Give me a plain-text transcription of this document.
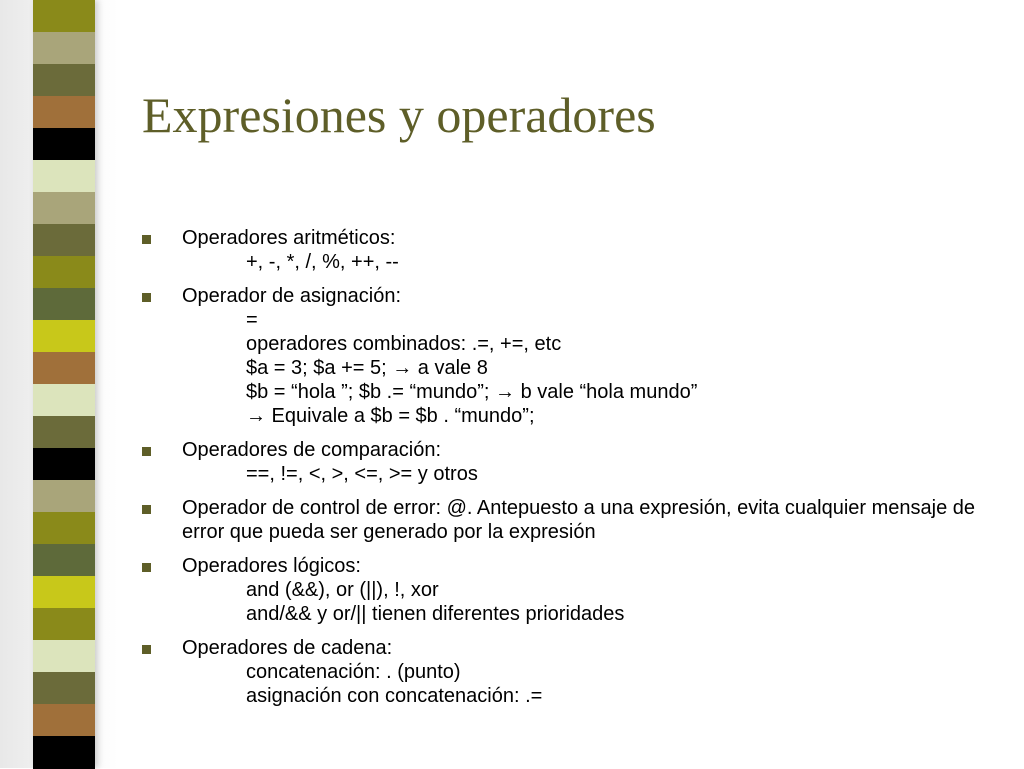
Expresiones y operadores
Operadores aritméticos:
+, -, *, /, %, ++, --
Operador de asignación:
=
operadores combinados: .=, +=, etc
$a = 3; $a += 5; → a vale 8
$b = “hola ”; $b .= “mundo”; → b vale “hola mundo”
→ Equivale a $b = $b . “mundo”;
Operadores de comparación:
==, !=, <, >, <=, >= y otros
Operador de control de error: @. Antepuesto a una expresión, evita cualquier mensaje de error que pueda ser generado por la expresión
Operadores lógicos:
and (&&), or (||), !, xor
and/&& y or/|| tienen diferentes prioridades
Operadores de cadena:
concatenación: . (punto)
asignación con concatenación: .=
